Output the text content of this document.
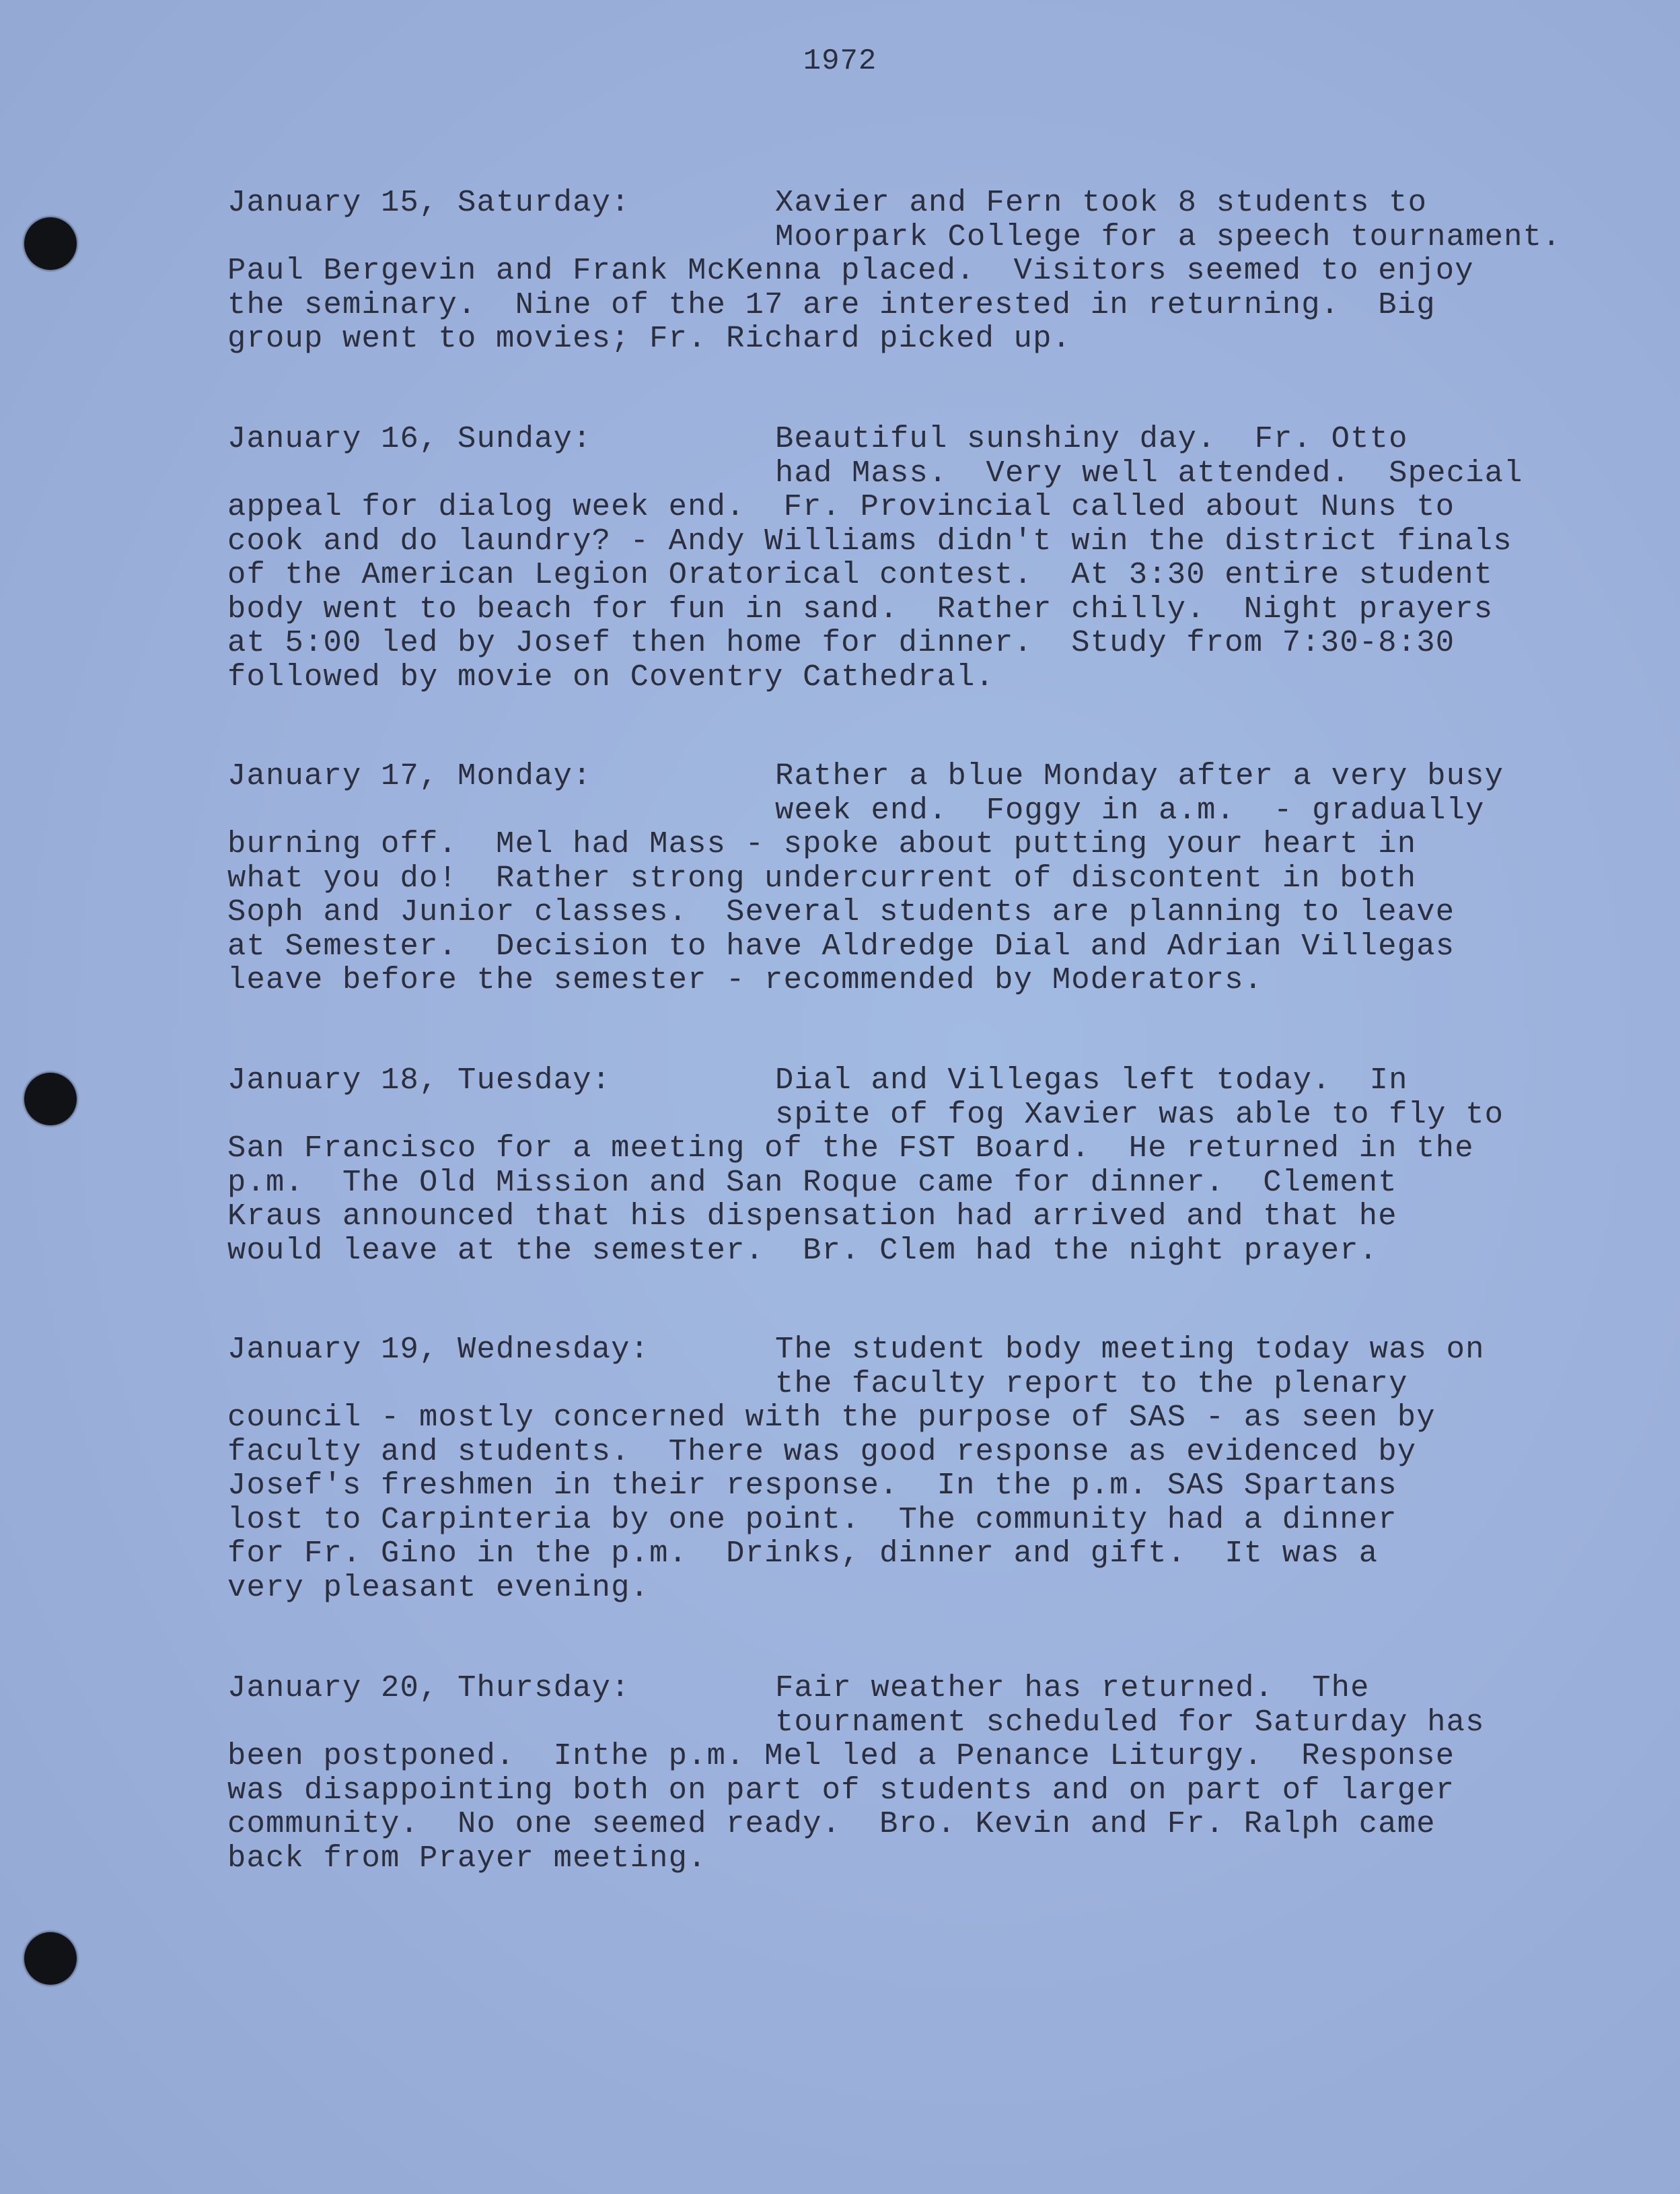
1972
January 15, Saturday:	Xavier and Fern took 8 students to
Moorpark College for a speech tournament.
Paul Bergevin and Frank McKenna placed.  Visitors seemed to enjoy
the seminary.  Nine of the 17 are interested in returning.  Big
group went to movies; Fr. Richard picked up.
January 16, Sunday:	Beautiful sunshiny day.  Fr. Otto
had Mass.  Very well attended.  Special
appeal for dialog week end.  Fr. Provincial called about Nuns to
cook and do laundry? - Andy Williams didn't win the district finals
of the American Legion Oratorical contest.  At 3:30 entire student
body went to beach for fun in sand.  Rather chilly.  Night prayers
at 5:00 led by Josef then home for dinner.  Study from 7:30-8:30
followed by movie on Coventry Cathedral.
January 17, Monday:	Rather a blue Monday after a very busy
week end.  Foggy in a.m.  - gradually
burning off.  Mel had Mass - spoke about putting your heart in
what you do!  Rather strong undercurrent of discontent in both
Soph and Junior classes.  Several students are planning to leave
at Semester.  Decision to have Aldredge Dial and Adrian Villegas
leave before the semester - recommended by Moderators.
January 18, Tuesday:	Dial and Villegas left today.  In
spite of fog Xavier was able to fly to
San Francisco for a meeting of the FST Board.  He returned in the
p.m.  The Old Mission and San Roque came for dinner.  Clement
Kraus announced that his dispensation had arrived and that he
would leave at the semester.  Br. Clem had the night prayer.
January 19, Wednesday:	The student body meeting today was on
the faculty report to the plenary
council - mostly concerned with the purpose of SAS - as seen by
faculty and students.  There was good response as evidenced by
Josef's freshmen in their response.  In the p.m. SAS Spartans
lost to Carpinteria by one point.  The community had a dinner
for Fr. Gino in the p.m.  Drinks, dinner and gift.  It was a
very pleasant evening.
January 20, Thursday:	Fair weather has returned.  The
tournament scheduled for Saturday has
been postponed.  Inthe p.m. Mel led a Penance Liturgy.  Response
was disappointing both on part of students and on part of larger
community.  No one seemed ready.  Bro. Kevin and Fr. Ralph came
back from Prayer meeting.
